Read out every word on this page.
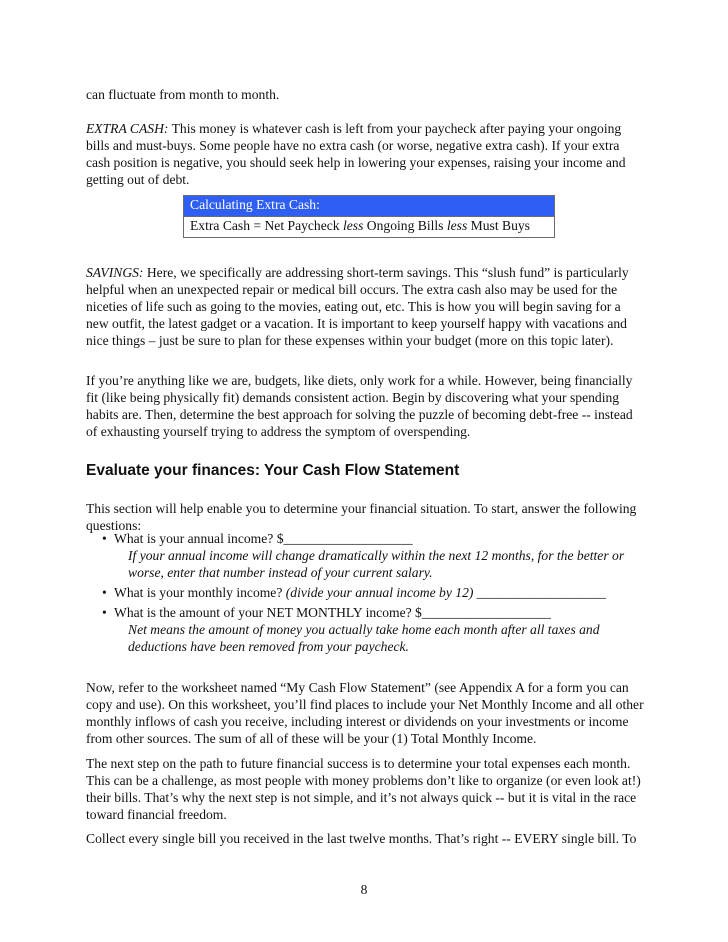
can fluctuate from month to month.

EXTRA CASH: This money is whatever cash is left from your paycheck after paying your ongoing bills and must-buys. Some people have no extra cash (or worse, negative extra cash). If your extra cash position is negative, you should seek help in lowering your expenses, raising your income and getting out of debt.

Calculating Extra Cash:
Extra Cash = Net Paycheck less Ongoing Bills less Must Buys

SAVINGS: Here, we specifically are addressing short-term savings. This “slush fund” is particularly helpful when an unexpected repair or medical bill occurs. The extra cash also may be used for the niceties of life such as going to the movies, eating out, etc. This is how you will begin saving for a new outfit, the latest gadget or a vacation. It is important to keep yourself happy with vacations and nice things – just be sure to plan for these expenses within your budget (more on this topic later).

If you’re anything like we are, budgets, like diets, only work for a while. However, being financially fit (like being physically fit) demands consistent action. Begin by discovering what your spending habits are. Then, determine the best approach for solving the puzzle of becoming debt-free -- instead of exhausting yourself trying to address the symptom of overspending.

Evaluate your finances: Your Cash Flow Statement

This section will help enable you to determine your financial situation. To start, answer the following questions:

• What is your annual income? $___________________
If your annual income will change dramatically within the next 12 months, for the better or worse, enter that number instead of your current salary.
• What is your monthly income? (divide your annual income by 12) ___________________
• What is the amount of your NET MONTHLY income? $___________________
Net means the amount of money you actually take home each month after all taxes and deductions have been removed from your paycheck.

Now, refer to the worksheet named “My Cash Flow Statement” (see Appendix A for a form you can copy and use). On this worksheet, you’ll find places to include your Net Monthly Income and all other monthly inflows of cash you receive, including interest or dividends on your investments or income from other sources. The sum of all of these will be your (1) Total Monthly Income.

The next step on the path to future financial success is to determine your total expenses each month. This can be a challenge, as most people with money problems don’t like to organize (or even look at!) their bills. That’s why the next step is not simple, and it’s not always quick -- but it is vital in the race toward financial freedom.

Collect every single bill you received in the last twelve months. That’s right -- EVERY single bill. To

8
